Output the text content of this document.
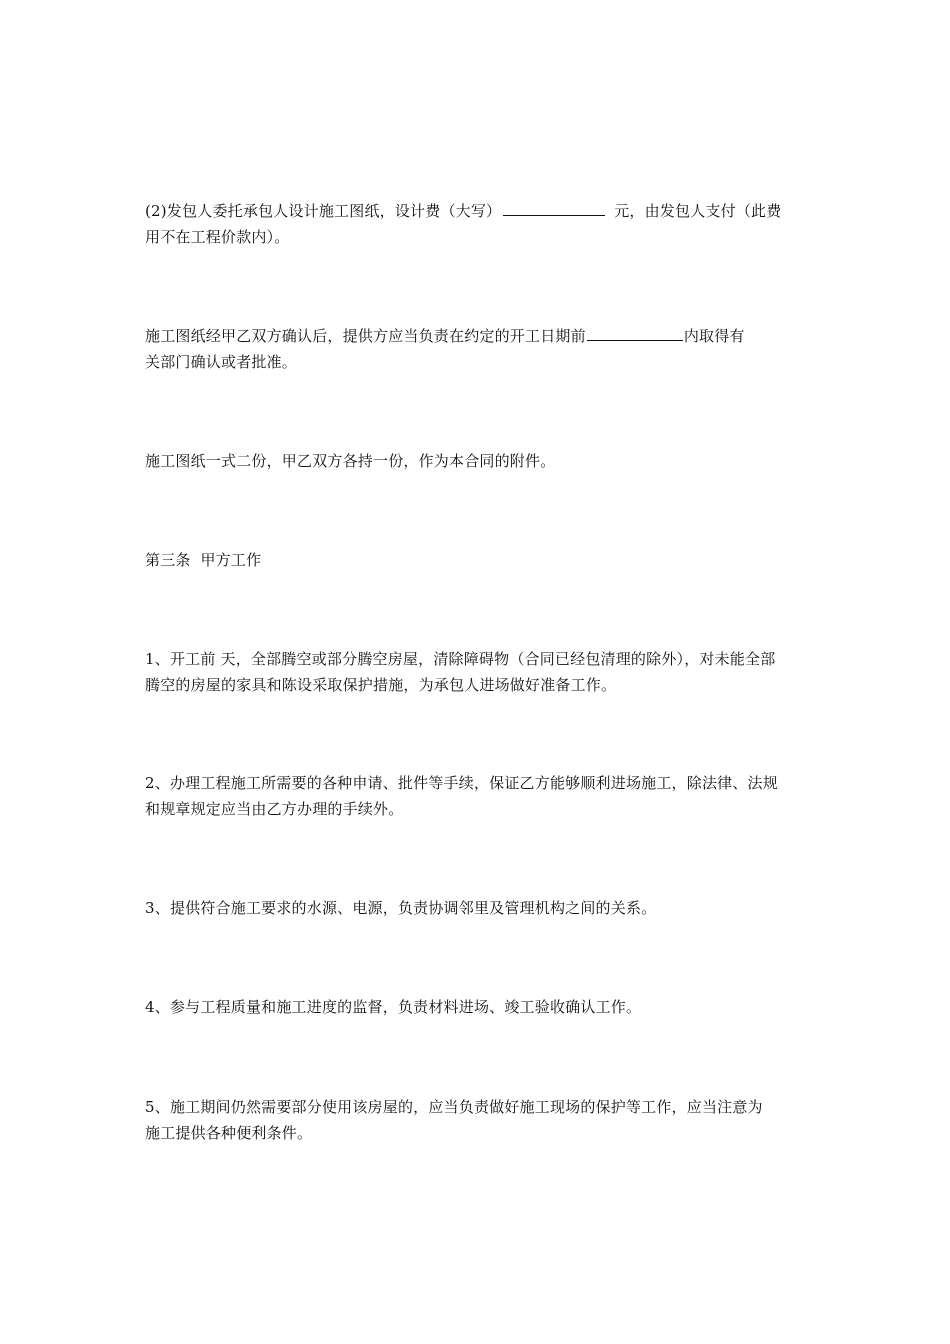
(2)发包人委托承包人设计施工图纸，设计费（大写）	元，由发包人支付（此费
用不在工程价款内）。
施工图纸经甲乙双方确认后，提供方应当负责在约定的开工日期前	内取得有
关部门确认或者批准。
施工图纸一式二份，甲乙双方各持一份，作为本合同的附件。
第三条  甲方工作
1、开工前 天，全部腾空或部分腾空房屋，清除障碍物（合同已经包清理的除外），对未能全部
腾空的房屋的家具和陈设采取保护措施，为承包人进场做好准备工作。
2、办理工程施工所需要的各种申请、批件等手续，保证乙方能够顺利进场施工，除法律、法规
和规章规定应当由乙方办理的手续外。
3、提供符合施工要求的水源、电源，负责协调邻里及管理机构之间的关系。
4、参与工程质量和施工进度的监督，负责材料进场、竣工验收确认工作。
5、施工期间仍然需要部分使用该房屋的，应当负责做好施工现场的保护等工作，应当注意为
施工提供各种便利条件。
